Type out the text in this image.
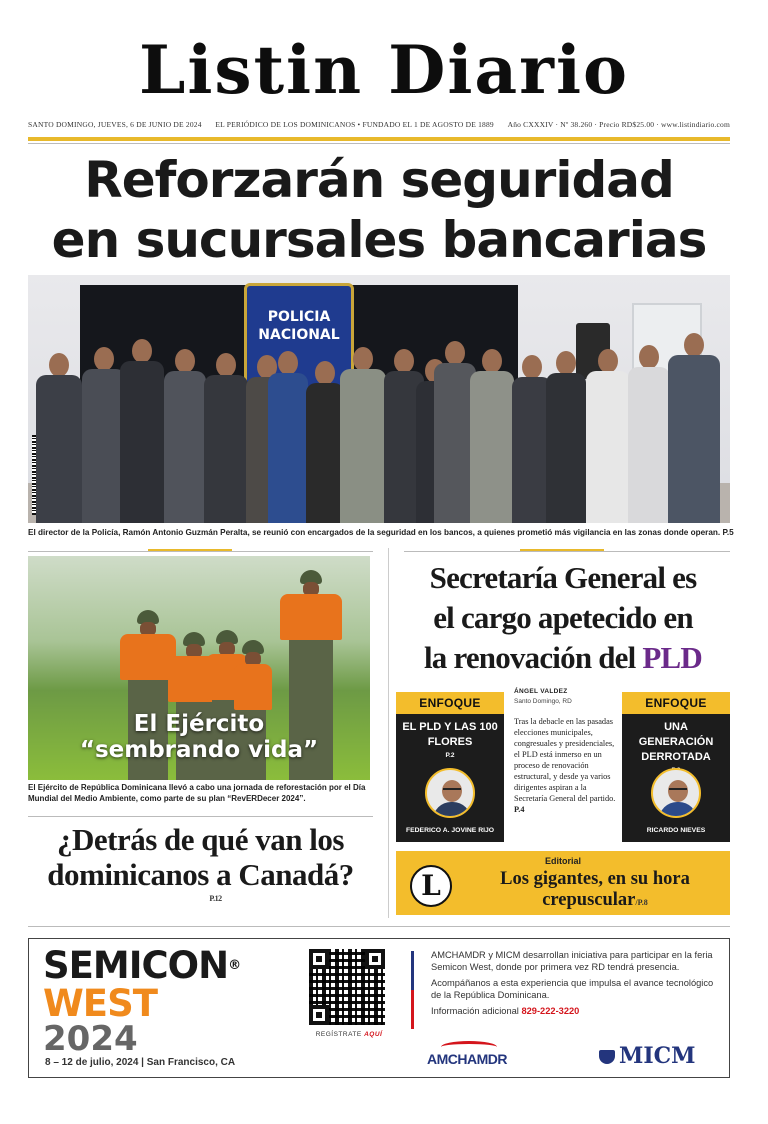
Listin Diario
SANTO DOMINGO, JUEVES, 6 DE JUNIO DE 2024 EL PERIÓDICO DE LOS DOMINICANOS • FUNDADO EL 1 DE AGOSTO DE 1889 Año CXXXIV · Nº 38.260 · Precio RD$25.00 · www.listindiario.com
Reforzarán seguridad
en sucursales bancarias
POLICIA NACIONAL
El director de la Policía, Ramón Antonio Guzmán Peralta, se reunió con encargados de la seguridad en los bancos, a quienes prometió más vigilancia en las zonas donde operan. P.5
El Ejército
“sembrando vida”
El Ejército de República Dominicana llevó a cabo una jornada de reforestación por el Día Mundial del Medio Ambiente, como parte de su plan “RevERDecer 2024”.
¿Detrás de qué van los
dominicanos a Canadá?
P.12
Secretaría General es
el cargo apetecido en
la renovación del PLD
ENFOQUE
EL PLD Y LAS 100 FLORES
P.2
FEDERICO A. JOVINE RIJO
ÁNGEL VALDEZ
Santo Domingo, RD
Tras la debacle en las pasadas elecciones municipales, congresuales y presidenciales, el PLD está inmerso en un proceso de renovación estructural, y desde ya varios dirigentes aspiran a la Secretaría General del partido. P.4
ENFOQUE
UNA GENERACIÓN DERROTADA
RICARDO NIEVES
Editorial
L	Los gigantes, en su hora crepuscular/P.8
SEMICON®
WEST
2024
8 – 12 de julio, 2024 | San Francisco, CA
REGÍSTRATE AQUÍ

AMCHAMDR y MICM desarrollan iniciativa para participar en la feria Semicon West, donde por primera vez RD tendrá presencia.

Acompáñanos a esta experiencia que impulsa el avance tecnológico de la República Dominicana.

Información adicional 829-222-3220

AMCHAMDR	MICM
